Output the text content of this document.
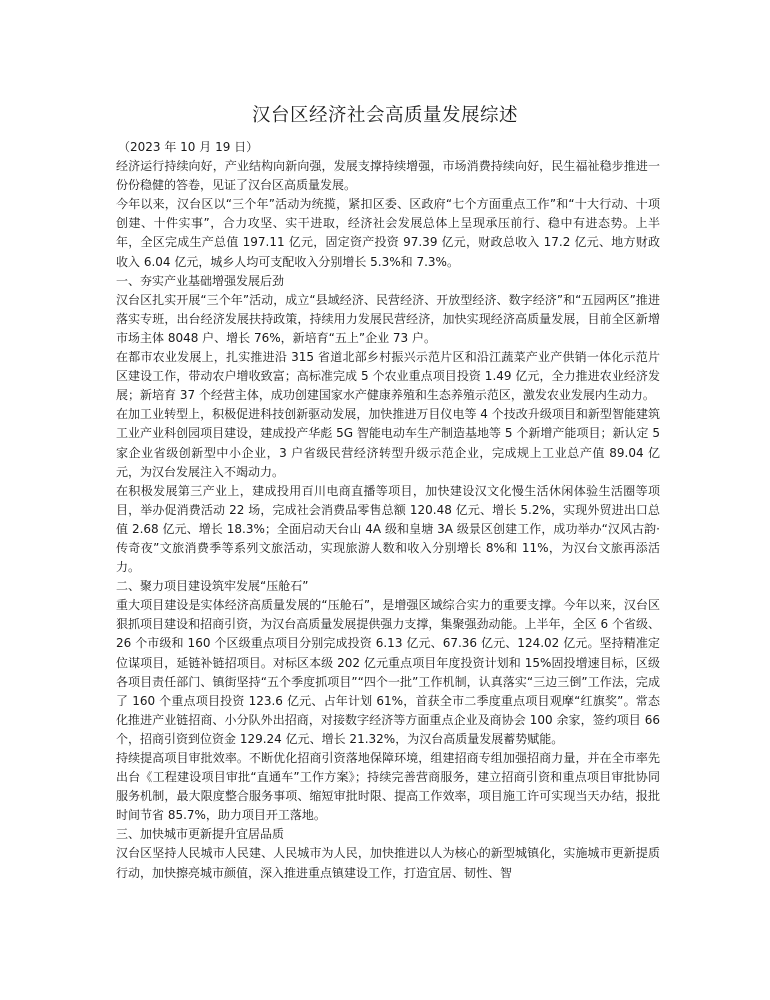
汉台区经济社会高质量发展综述

（2023 年 10 月 19 日）

经济运行持续向好，产业结构向新向强，发展支撑持续增强，市场消费持续向好，民生福祉稳步推进一份份稳健的答卷，见证了汉台区高质量发展。

今年以来，汉台区以“三个年”活动为统揽，紧扣区委、区政府“七个方面重点工作”和“十大行动、十项创建、十件实事”，合力攻坚、实干进取，经济社会发展总体上呈现承压前行、稳中有进态势。上半年，全区完成生产总值 197.11 亿元，固定资产投资 97.39 亿元，财政总收入 17.2 亿元、地方财政收入 6.04 亿元，城乡人均可支配收入分别增长 5.3%和 7.3%。

一、夯实产业基础增强发展后劲

汉台区扎实开展“三个年”活动，成立“县域经济、民营经济、开放型经济、数字经济”和“五园两区”推进落实专班，出台经济发展扶持政策，持续用力发展民营经济，加快实现经济高质量发展，目前全区新增市场主体 8048 户、增长 76%，新培育“五上”企业 73 户。

在都市农业发展上，扎实推进沿 315 省道北部乡村振兴示范片区和沿江蔬菜产业产供销一体化示范片区建设工作，带动农户增收致富；高标准完成 5 个农业重点项目投资 1.49 亿元，全力推进农业经济发展；新培育 37 个经营主体，成功创建国家水产健康养殖和生态养殖示范区，激发农业发展内生动力。

在加工业转型上，积极促进科技创新驱动发展，加快推进万目仪电等 4 个技改升级项目和新型智能建筑工业产业科创园项目建设，建成投产华彪 5G 智能电动车生产制造基地等 5 个新增产能项目；新认定 5 家企业省级创新型中小企业，3 户省级民营经济转型升级示范企业，完成规上工业总产值 89.04 亿元，为汉台发展注入不竭动力。

在积极发展第三产业上，建成投用百川电商直播等项目，加快建设汉文化慢生活休闲体验生活圈等项目，举办促消费活动 22 场，完成社会消费品零售总额 120.48 亿元、增长 5.2%，实现外贸进出口总值 2.68 亿元、增长 18.3%；全面启动天台山 4A 级和皇塘 3A 级景区创建工作，成功举办“汉风古韵·传奇夜”文旅消费季等系列文旅活动，实现旅游人数和收入分别增长 8%和 11%，为汉台文旅再添活力。

二、聚力项目建设筑牢发展“压舱石”

重大项目建设是实体经济高质量发展的“压舱石”，是增强区域综合实力的重要支撑。今年以来，汉台区狠抓项目建设和招商引资，为汉台高质量发展提供强力支撑，集聚强劲动能。上半年，全区 6 个省级、26 个市级和 160 个区级重点项目分别完成投资 6.13 亿元、67.36 亿元、124.02 亿元。坚持精准定位谋项目，延链补链招项目。对标区本级 202 亿元重点项目年度投资计划和 15%固投增速目标，区级各项目责任部门、镇街坚持“五个季度抓项目”“四个一批”工作机制，认真落实“三边三倒”工作法，完成了 160 个重点项目投资 123.6 亿元、占年计划 61%，首获全市二季度重点项目观摩“红旗奖”。常态化推进产业链招商、小分队外出招商，对接数字经济等方面重点企业及商协会 100 余家，签约项目 66 个，招商引资到位资金 129.24 亿元、增长 21.32%，为汉台高质量发展蓄势赋能。

持续提高项目审批效率。不断优化招商引资落地保障环境，组建招商专组加强招商力量，并在全市率先出台《工程建设项目审批“直通车”工作方案》；持续完善营商服务，建立招商引资和重点项目审批协同服务机制，最大限度整合服务事项、缩短审批时限、提高工作效率，项目施工许可实现当天办结，报批时间节省 85.7%，助力项目开工落地。

三、加快城市更新提升宜居品质

汉台区坚持人民城市人民建、人民城市为人民，加快推进以人为核心的新型城镇化，实施城市更新提质行动，加快擦亮城市颜值，深入推进重点镇建设工作，打造宜居、韧性、智
